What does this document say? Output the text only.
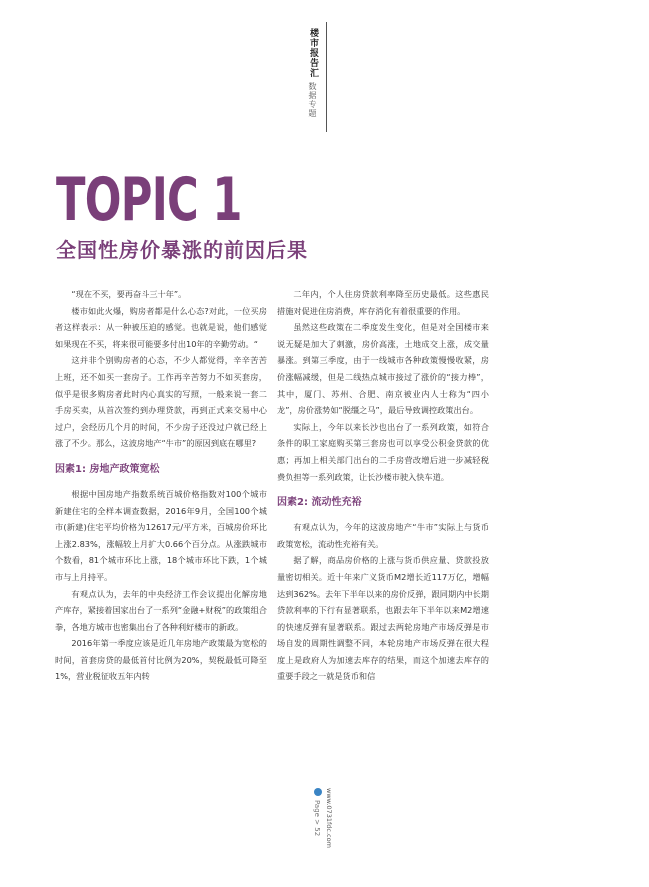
楼市报告汇
数据专题
TOPIC 1
全国性房价暴涨的前因后果

“现在不买，要再奋斗三十年”。

楼市如此火爆，购房者都是什么心态?对此，一位买房者这样表示：从一种被压迫的感觉。也就是说，他们感觉如果现在不买，将来很可能要多付出10年的辛勤劳动。“

这并非个别购房者的心态，不少人都觉得，辛辛苦苦上班，还不如买一套房子。工作再辛苦努力不如买套房，似乎是很多购房者此时内心真实的写照，一般来说一套二手房买卖，从首次签约到办理贷款，再到正式来交易中心过户，会经历几个月的时间，不少房子还没过户就已经上涨了不少。那么，这波房地产“牛市”的原因到底在哪里?

因素1: 房地产政策宽松

根据中国房地产指数系统百城价格指数对100个城市新建住宅的全样本调查数据，2016年9月，全国100个城市(新建)住宅平均价格为12617元/平方米，百城房价环比上涨2.83%，涨幅较上月扩大0.66个百分点。从涨跌城市个数看，81个城市环比上涨，18个城市环比下跌，1个城市与上月持平。

有观点认为，去年的中央经济工作会议提出化解房地产库存，紧接着国家出台了一系列“金融+财税”的政策组合拳，各地方城市也密集出台了各种利好楼市的新政。

2016年第一季度应该是近几年房地产政策最为宽松的时间，首套房贷的最低首付比例为20%，契税最低可降至1%，营业税征收五年内转

二年内，个人住房贷款利率降至历史最低。这些惠民措施对促进住房消费，库存消化有着很重要的作用。

虽然这些政策在二季度发生变化，但是对全国楼市来说无疑是加大了刺激，房价高涨，土地成交上涨，成交量暴涨。到第三季度，由于一线城市各种政策慢慢收紧，房价涨幅减缓，但是二线热点城市接过了涨价的“接力棒”，其中，厦门、苏州、合肥、南京被业内人士称为“四小龙”，房价涨势如“脱缰之马”，最后导致调控政策出台。

实际上，今年以来长沙也出台了一系列政策，如符合条件的职工家庭购买第三套房也可以享受公积金贷款的优惠；再加上相关部门出台的二手房营改增后进一步减轻税费负担等一系列政策，让长沙楼市驶入快车道。

因素2: 流动性充裕

有观点认为，今年的这波房地产“牛市”实际上与货币政策宽松，流动性充裕有关。

据了解，商品房价格的上涨与货币供应量、贷款投放量密切相关。近十年来广义货币M2增长近117万亿，增幅达到362%。去年下半年以来的房价反弹，跟同期内中长期贷款利率的下行有显著联系，也跟去年下半年以来M2增速的快速反弹有显著联系。跟过去两轮房地产市场反弹是市场自发的周期性调整不同，本轮房地产市场反弹在很大程度上是政府人为加速去库存的结果，而这个加速去库存的重要手段之一就是货币和信

Page > 52 www.0731fdc.com
